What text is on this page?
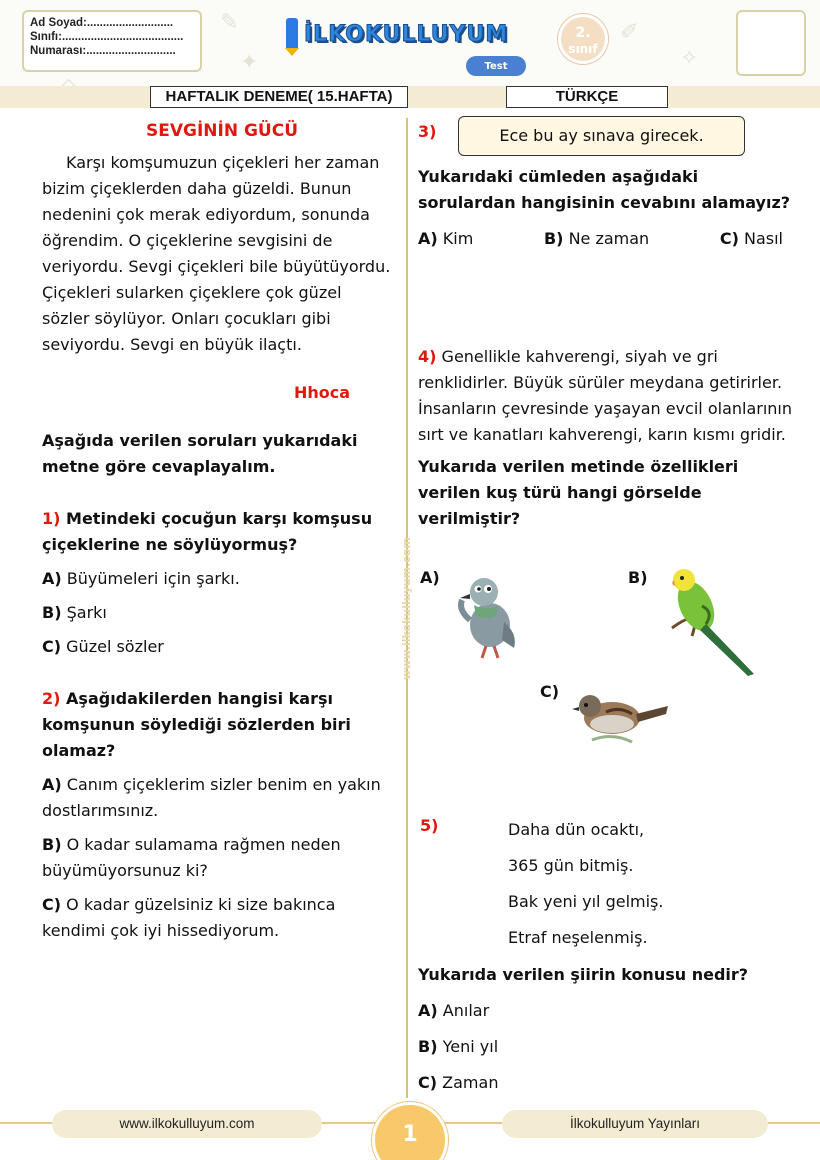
✎
✦
✐
✧
Ad Soyad:...........................
Sınıfı:......................................
Numarası:............................
İLKOKULLUYUM
Test
2.
sınıf
HAFTALIK DENEME( 15.HAFTA)	TÜRKÇE
www.ilkokulluyum.com
SEVGİNİN GÜCÜ

Karşı komşumuzun çiçekleri her zaman bizim çiçeklerden daha güzeldi. Bunun nedenini çok merak ediyordum, sonunda öğrendim. O çiçeklerine sevgisini de veriyordu. Sevgi çiçekleri bile büyütüyordu. Çiçekleri sularken çiçeklere çok güzel sözler söylüyor. Onları çocukları gibi seviyordu. Sevgi en büyük ilaçtı.

Hhoca

Aşağıda verilen soruları yukarıdaki metne göre cevaplayalım.

1) Metindeki çocuğun karşı komşusu çiçeklerine ne söylüyormuş?

A) Büyümeleri için şarkı.

B) Şarkı

C) Güzel sözler

2) Aşağıdakilerden hangisi karşı komşunun söylediği sözlerden biri olamaz?

A) Canım çiçeklerim sizler benim en yakın dostlarımsınız.

B) O kadar sulamama rağmen neden büyümüyorsunuz ki?

C) O kadar güzelsiniz ki size bakınca kendimi çok iyi hissediyorum.

3)	Ece bu ay sınava girecek.

Yukarıdaki cümleden aşağıdaki sorulardan hangisinin cevabını alamayız?

A) Kim	B) Ne zaman	C) Nasıl

4) Genellikle kahverengi, siyah ve gri renklidirler. Büyük sürüler meydana getirirler. İnsanların çevresinde yaşayan evcil olanlarının sırt ve kanatları kahverengi, karın kısmı gridir.

Yukarıda verilen metinde özellikleri verilen kuş türü hangi görselde verilmiştir?

A)	B)
C)
5)	Daha dün ocaktı,

365 gün bitmiş.

Bak yeni yıl gelmiş.

Etraf neşelenmiş.

Yukarıda verilen şiirin konusu nedir?

A) Anılar

B) Yeni yıl

C) Zaman

www.ilkokulluyum.com	İlkokulluyum Yayınları
1
